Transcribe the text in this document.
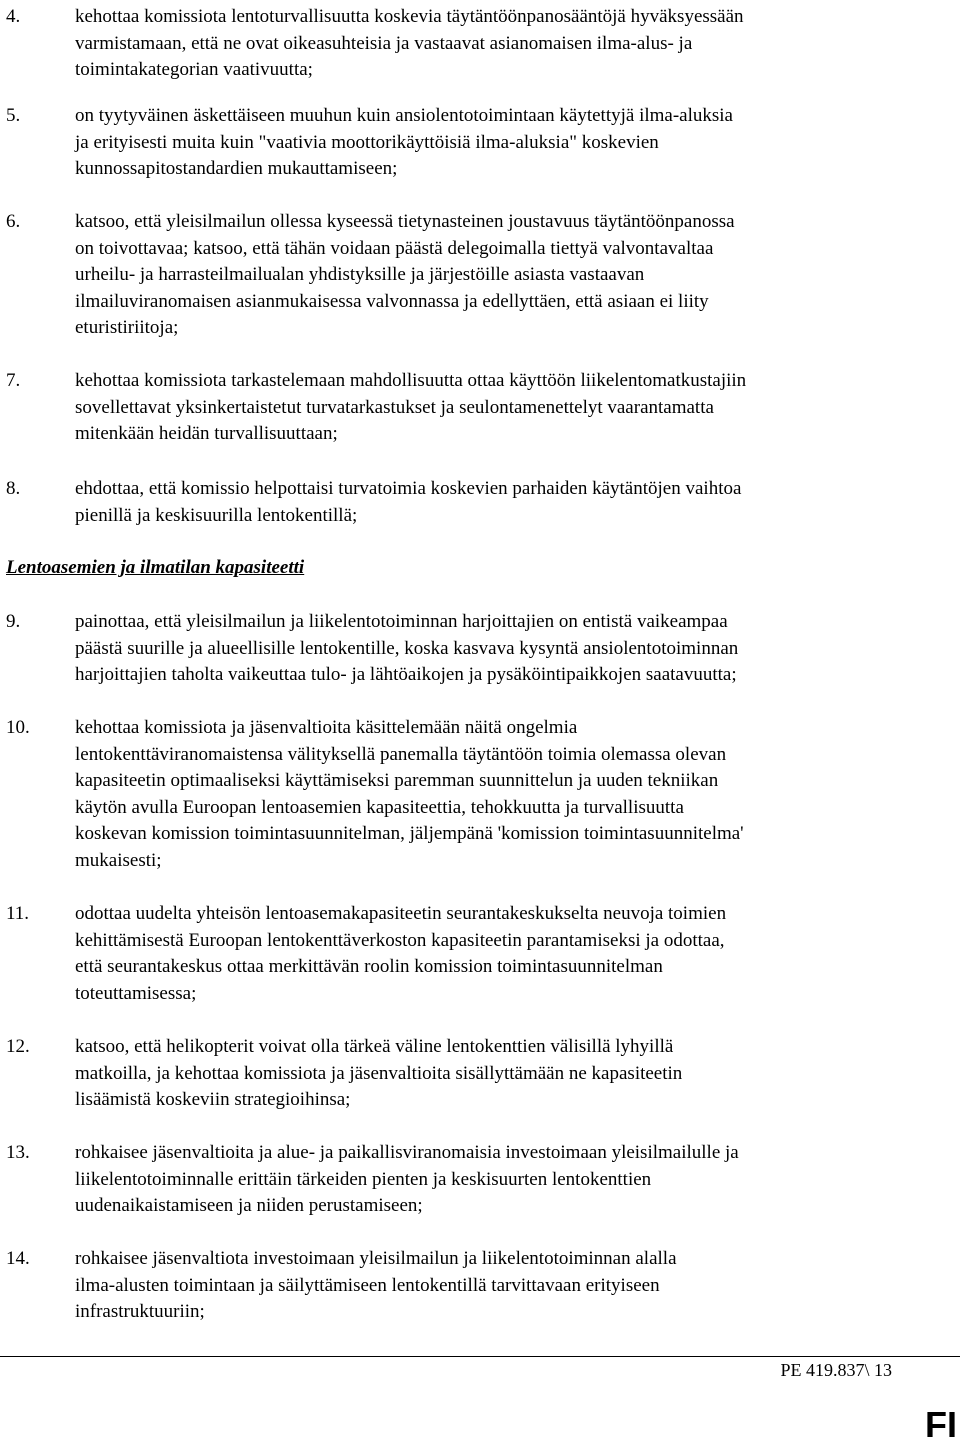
4.	kehottaa komissiota lentoturvallisuutta koskevia täytäntöönpanosääntöjä hyväksyessään
varmistamaan, että ne ovat oikeasuhteisia ja vastaavat asianomaisen ilma-alus- ja
toimintakategorian vaativuutta;
5.	on tyytyväinen äskettäiseen muuhun kuin ansiolentotoimintaan käytettyjä ilma-aluksia
ja erityisesti muita kuin "vaativia moottorikäyttöisiä ilma-aluksia" koskevien
kunnossapitostandardien mukauttamiseen;
6.	katsoo, että yleisilmailun ollessa kyseessä tietynasteinen joustavuus täytäntöönpanossa
on toivottavaa; katsoo, että tähän voidaan päästä delegoimalla tiettyä valvontavaltaa
urheilu- ja harrasteilmailualan yhdistyksille ja järjestöille asiasta vastaavan
ilmailuviranomaisen asianmukaisessa valvonnassa ja edellyttäen, että asiaan ei liity
eturistiriitoja;
7.	kehottaa komissiota tarkastelemaan mahdollisuutta ottaa käyttöön liikelentomatkustajiin
sovellettavat yksinkertaistetut turvatarkastukset ja seulontamenettelyt vaarantamatta
mitenkään heidän turvallisuuttaan;
8.	ehdottaa, että komissio helpottaisi turvatoimia koskevien parhaiden käytäntöjen vaihtoa
pienillä ja keskisuurilla lentokentillä;
9.	painottaa, että yleisilmailun ja liikelentotoiminnan harjoittajien on entistä vaikeampaa
päästä suurille ja alueellisille lentokentille, koska kasvava kysyntä ansiolentotoiminnan
harjoittajien taholta vaikeuttaa tulo- ja lähtöaikojen ja pysäköintipaikkojen saatavuutta;
10. kehottaa komissiota ja jäsenvaltioita käsittelemään näitä ongelmia
lentokenttäviranomaistensa välityksellä panemalla täytäntöön toimia olemassa olevan
kapasiteetin optimaaliseksi käyttämiseksi paremman suunnittelun ja uuden tekniikan
käytön avulla Euroopan lentoasemien kapasiteettia, tehokkuutta ja turvallisuutta
koskevan komission toimintasuunnitelman, jäljempänä 'komission toimintasuunnitelma'
mukaisesti;
11. odottaa uudelta yhteisön lentoasemakapasiteetin seurantakeskukselta neuvoja toimien
kehittämisestä Euroopan lentokenttäverkoston kapasiteetin parantamiseksi ja odottaa,
että seurantakeskus ottaa merkittävän roolin komission toimintasuunnitelman
toteuttamisessa;
12. katsoo, että helikopterit voivat olla tärkeä väline lentokenttien välisillä lyhyillä
matkoilla, ja kehottaa komissiota ja jäsenvaltioita sisällyttämään ne kapasiteetin
lisäämistä koskeviin strategioihinsa;
13. rohkaisee jäsenvaltioita ja alue- ja paikallisviranomaisia investoimaan yleisilmailulle ja
liikelentotoiminnalle erittäin tärkeiden pienten ja keskisuurten lentokenttien
uudenaikaistamiseen ja niiden perustamiseen;
14. rohkaisee jäsenvaltiota investoimaan yleisilmailun ja liikelentotoiminnan alalla
ilma-alusten toimintaan ja säilyttämiseen lentokentillä tarvittavaan erityiseen
infrastruktuuriin;
Lentoasemien ja ilmatilan kapasiteetti
PE 419.837\ 13
FI
